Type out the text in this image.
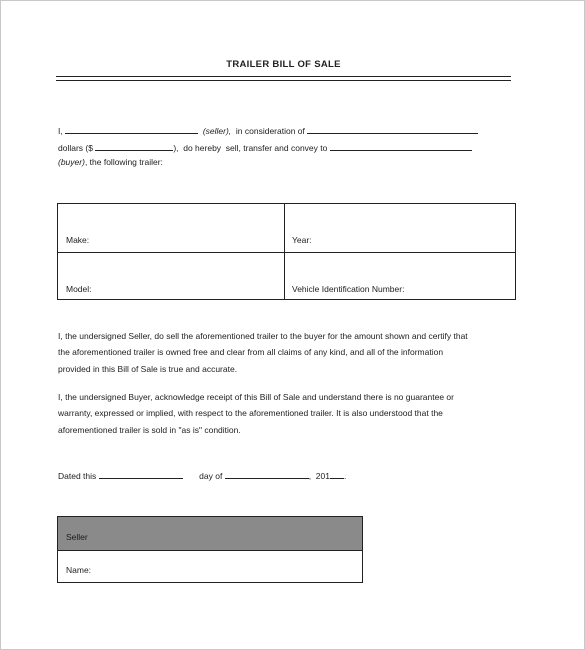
TRAILER BILL OF SALE
I,	(seller),  in consideration of
dollars ($	),  do hereby  sell, transfer and convey to
(buyer), the following trailer:
Make:	Year:
Model:	Vehicle Identification Number:
I, the undersigned Seller, do sell the aforementioned trailer to the buyer for the amount shown and certify that
the aforementioned trailer is owned free and clear from all claims of any kind, and all of the information
provided in this Bill of Sale is true and accurate.
I, the undersigned Buyer, acknowledge receipt of this Bill of Sale and understand there is no guarantee or
warranty, expressed or implied, with respect to the aforementioned trailer. It is also understood that the
aforementioned trailer is sold in "as is" condition.
Dated this	day of	,  201 .
Seller
Name:
